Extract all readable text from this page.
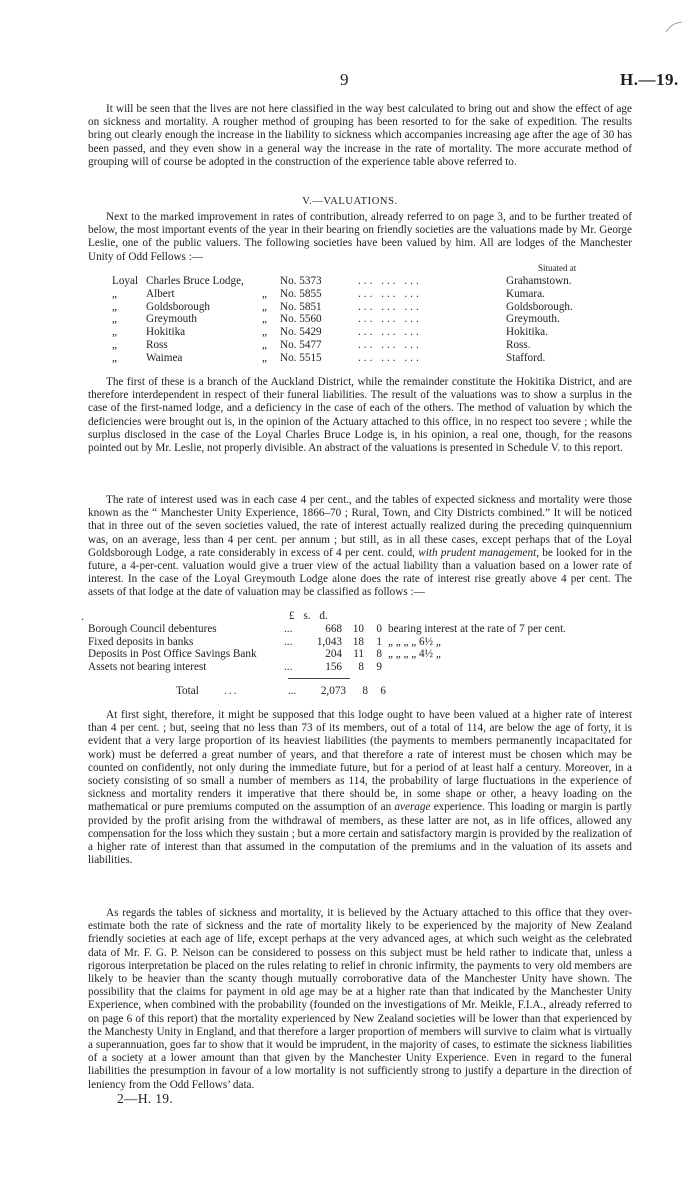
9	H.—19.

It will be seen that the lives are not here classified in the way best calculated to bring out and show the effect of age on sickness and mortality. A rougher method of grouping has been resorted to for the sake of expedition. The results bring out clearly enough the increase in the liability to sickness which accompanies increasing age after the age of 30 has been passed, and they even show in a general way the increase in the rate of mortality. The more accurate method of grouping will of course be adopted in the construction of the experience table above referred to.

V.—VALUATIONS.

Next to the marked improvement in rates of contribution, already referred to on page 3, and to be further treated of below, the most important events of the year in their bearing on friendly societies are the valuations made by Mr. George Leslie, one of the public valuers. The following societies have been valued by him. All are lodges of the Manchester Unity of Odd Fellows :—

Situated at
Loyal	Charles Bruce Lodge,		No. 5373	... ... ...	Grahamstown.
„	Albert	„	No. 5855	... ... ...	Kumara.
„	Goldsborough	„	No. 5851	... ... ...	Goldsborough.
„	Greymouth	„	No. 5560	... ... ...	Greymouth.
„	Hokitika	„	No. 5429	... ... ...	Hokitika.
„	Ross	„	No. 5477	... ... ...	Ross.
„	Waimea	„	No. 5515	... ... ...	Stafford.

The first of these is a branch of the Auckland District, while the remainder constitute the Hokitika District, and are therefore interdependent in respect of their funeral liabilities. The result of the valuations was to show a surplus in the case of the first-named lodge, and a deficiency in the case of each of the others. The method of valuation by which the deficiencies were brought out is, in the opinion of the Actuary attached to this office, in no respect too severe ; while the surplus disclosed in the case of the Loyal Charles Bruce Lodge is, in his opinion, a real one, though, for the reasons pointed out by Mr. Leslie, not properly divisible. An abstract of the valuations is presented in Schedule V. to this report.

The rate of interest used was in each case 4 per cent., and the tables of expected sickness and mortality were those known as the “ Manchester Unity Experience, 1866–70 ; Rural, Town, and City Districts combined.” It will be noticed that in three out of the seven societies valued, the rate of interest actually realized during the preceding quinquennium was, on an average, less than 4 per cent. per annum ; but still, as in all these cases, except perhaps that of the Loyal Goldsborough Lodge, a rate considerably in excess of 4 per cent. could, with prudent management, be looked for in the future, a 4-per-cent. valuation would give a truer view of the actual liability than a valuation based on a lower rate of interest. In the case of the Loyal Greymouth Lodge alone does the rate of interest rise greatly above 4 per cent. The assets of that lodge at the date of valuation may be classified as follows :—

.	£ s. d.
Borough Council debentures	...	668	10	0	bearing interest at the rate of 7 per cent.
Fixed deposits in banks	...	1,043	18	1	„ „ „ „ 6½ „
Deposits in Post Office Savings Bank		204	11	8	„ „ „ „ 4½ „
Assets not bearing interest	...	156	8	9	
Total	...	...	2,073	8	6

At first sight, therefore, it might be supposed that this lodge ought to have been valued at a higher rate of interest than 4 per cent. ; but, seeing that no less than 73 of its members, out of a total of 114, are below the age of forty, it is evident that a very large proportion of its heaviest liabilities (the payments to members permanently incapacitated for work) must be deferred a great number of years, and that therefore a rate of interest must be chosen which may be counted on confidently, not only during the immediate future, but for a period of at least half a century. Moreover, in a society consisting of so small a number of members as 114, the probability of large fluctuations in the experience of sickness and mortality renders it imperative that there should be, in some shape or other, a heavy loading on the mathematical or pure premiums computed on the assumption of an average experience. This loading or margin is partly provided by the profit arising from the withdrawal of members, as these latter are not, as in life offices, allowed any compensation for the loss which they sustain ; but a more certain and satisfactory margin is provided by the realization of a higher rate of interest than that assumed in the computation of the premiums and in the valuation of its assets and liabilities.

As regards the tables of sickness and mortality, it is believed by the Actuary attached to this office that they over-estimate both the rate of sickness and the rate of mortality likely to be experienced by the majority of New Zealand friendly societies at each age of life, except perhaps at the very advanced ages, at which such weight as the celebrated data of Mr. F. G. P. Neison can be considered to possess on this subject must be held rather to indicate that, unless a rigorous interpretation be placed on the rules relating to relief in chronic infirmity, the payments to very old members are likely to be heavier than the scanty though mutually corroborative data of the Manchester Unity have shown. The possibility that the claims for payment in old age may be at a higher rate than that indicated by the Manchester Unity Experience, when combined with the probability (founded on the investigations of Mr. Meikle, F.I.A., already referred to on page 6 of this report) that the mortality experienced by New Zealand societies will be lower than that experienced by the Manchesty Unity in England, and that therefore a larger proportion of members will survive to claim what is virtually a superannuation, goes far to show that it would be imprudent, in the majority of cases, to estimate the sickness liabilities of a society at a lower amount than that given by the Manchester Unity Experience. Even in regard to the funeral liabilities the presumption in favour of a low mortality is not sufficiently strong to justify a departure in the direction of leniency from the Odd Fellows’ data.

2—H. 19.
